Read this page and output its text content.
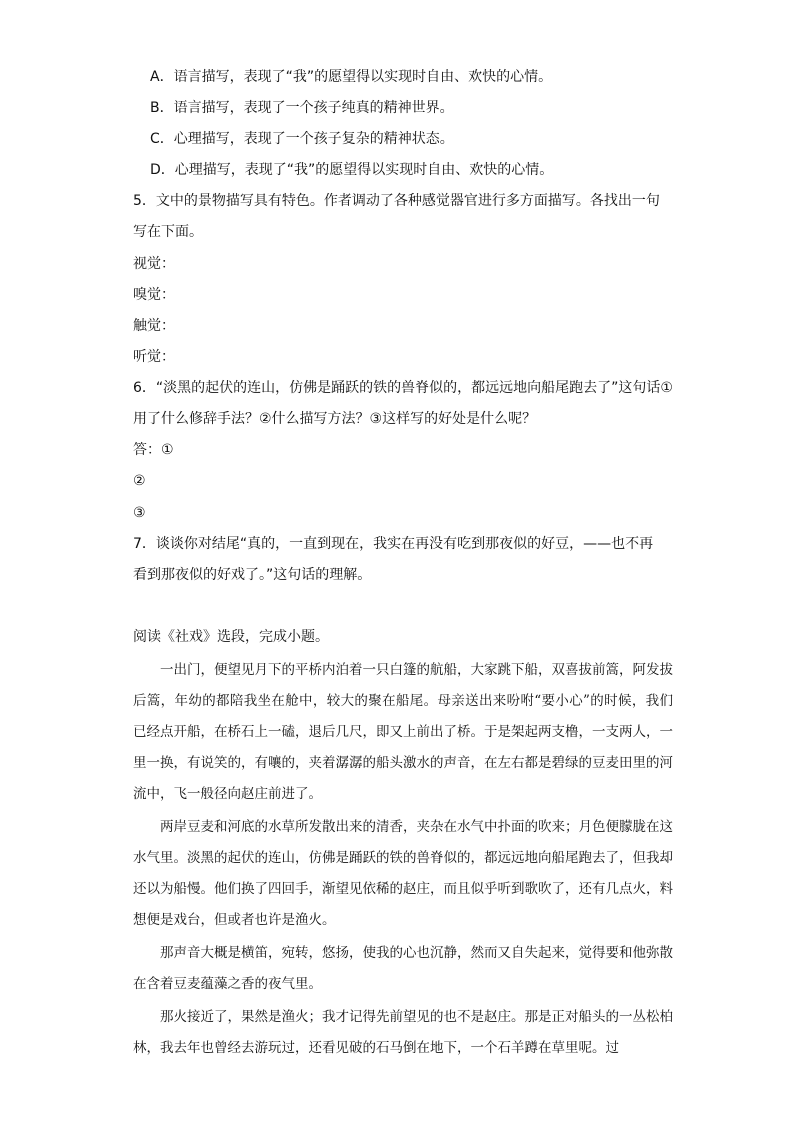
A．语言描写，表现了“我”的愿望得以实现时自由、欢快的心情。
B．语言描写，表现了一个孩子纯真的精神世界。
C．心理描写，表现了一个孩子复杂的精神状态。
D．心理描写，表现了“我”的愿望得以实现时自由、欢快的心情。
5．文中的景物描写具有特色。作者调动了各种感觉器官进行多方面描写。各找出一句
写在下面。
视觉：
嗅觉：
触觉：
听觉：
6．“淡黑的起伏的连山，仿佛是踊跃的铁的兽脊似的，都远远地向船尾跑去了”这句话①
用了什么修辞手法？②什么描写方法？③这样写的好处是什么呢？
答：①
②
③
7．谈谈你对结尾“真的，一直到现在，我实在再没有吃到那夜似的好豆，——也不再
看到那夜似的好戏了。”这句话的理解。
阅读《社戏》选段，完成小题。

一出门，便望见月下的平桥内泊着一只白篷的航船，大家跳下船，双喜拔前篙，阿发拔后篙，年幼的都陪我坐在舱中，较大的聚在船尾。母亲送出来吩咐“要小心”的时候，我们已经点开船，在桥石上一磕，退后几尺，即又上前出了桥。于是架起两支橹，一支两人，一里一换，有说笑的，有嚷的，夹着潺潺的船头激水的声音，在左右都是碧绿的豆麦田里的河流中，飞一般径向赵庄前进了。

两岸豆麦和河底的水草所发散出来的清香，夹杂在水气中扑面的吹来；月色便朦胧在这水气里。淡黑的起伏的连山，仿佛是踊跃的铁的兽脊似的，都远远地向船尾跑去了，但我却还以为船慢。他们换了四回手，渐望见依稀的赵庄，而且似乎听到歌吹了，还有几点火，料想便是戏台，但或者也许是渔火。

那声音大概是横笛，宛转，悠扬，使我的心也沉静，然而又自失起来，觉得要和他弥散在含着豆麦蕴藻之香的夜气里。

那火接近了，果然是渔火；我才记得先前望见的也不是赵庄。那是正对船头的一丛松柏林，我去年也曾经去游玩过，还看见破的石马倒在地下，一个石羊蹲在草里呢。过
